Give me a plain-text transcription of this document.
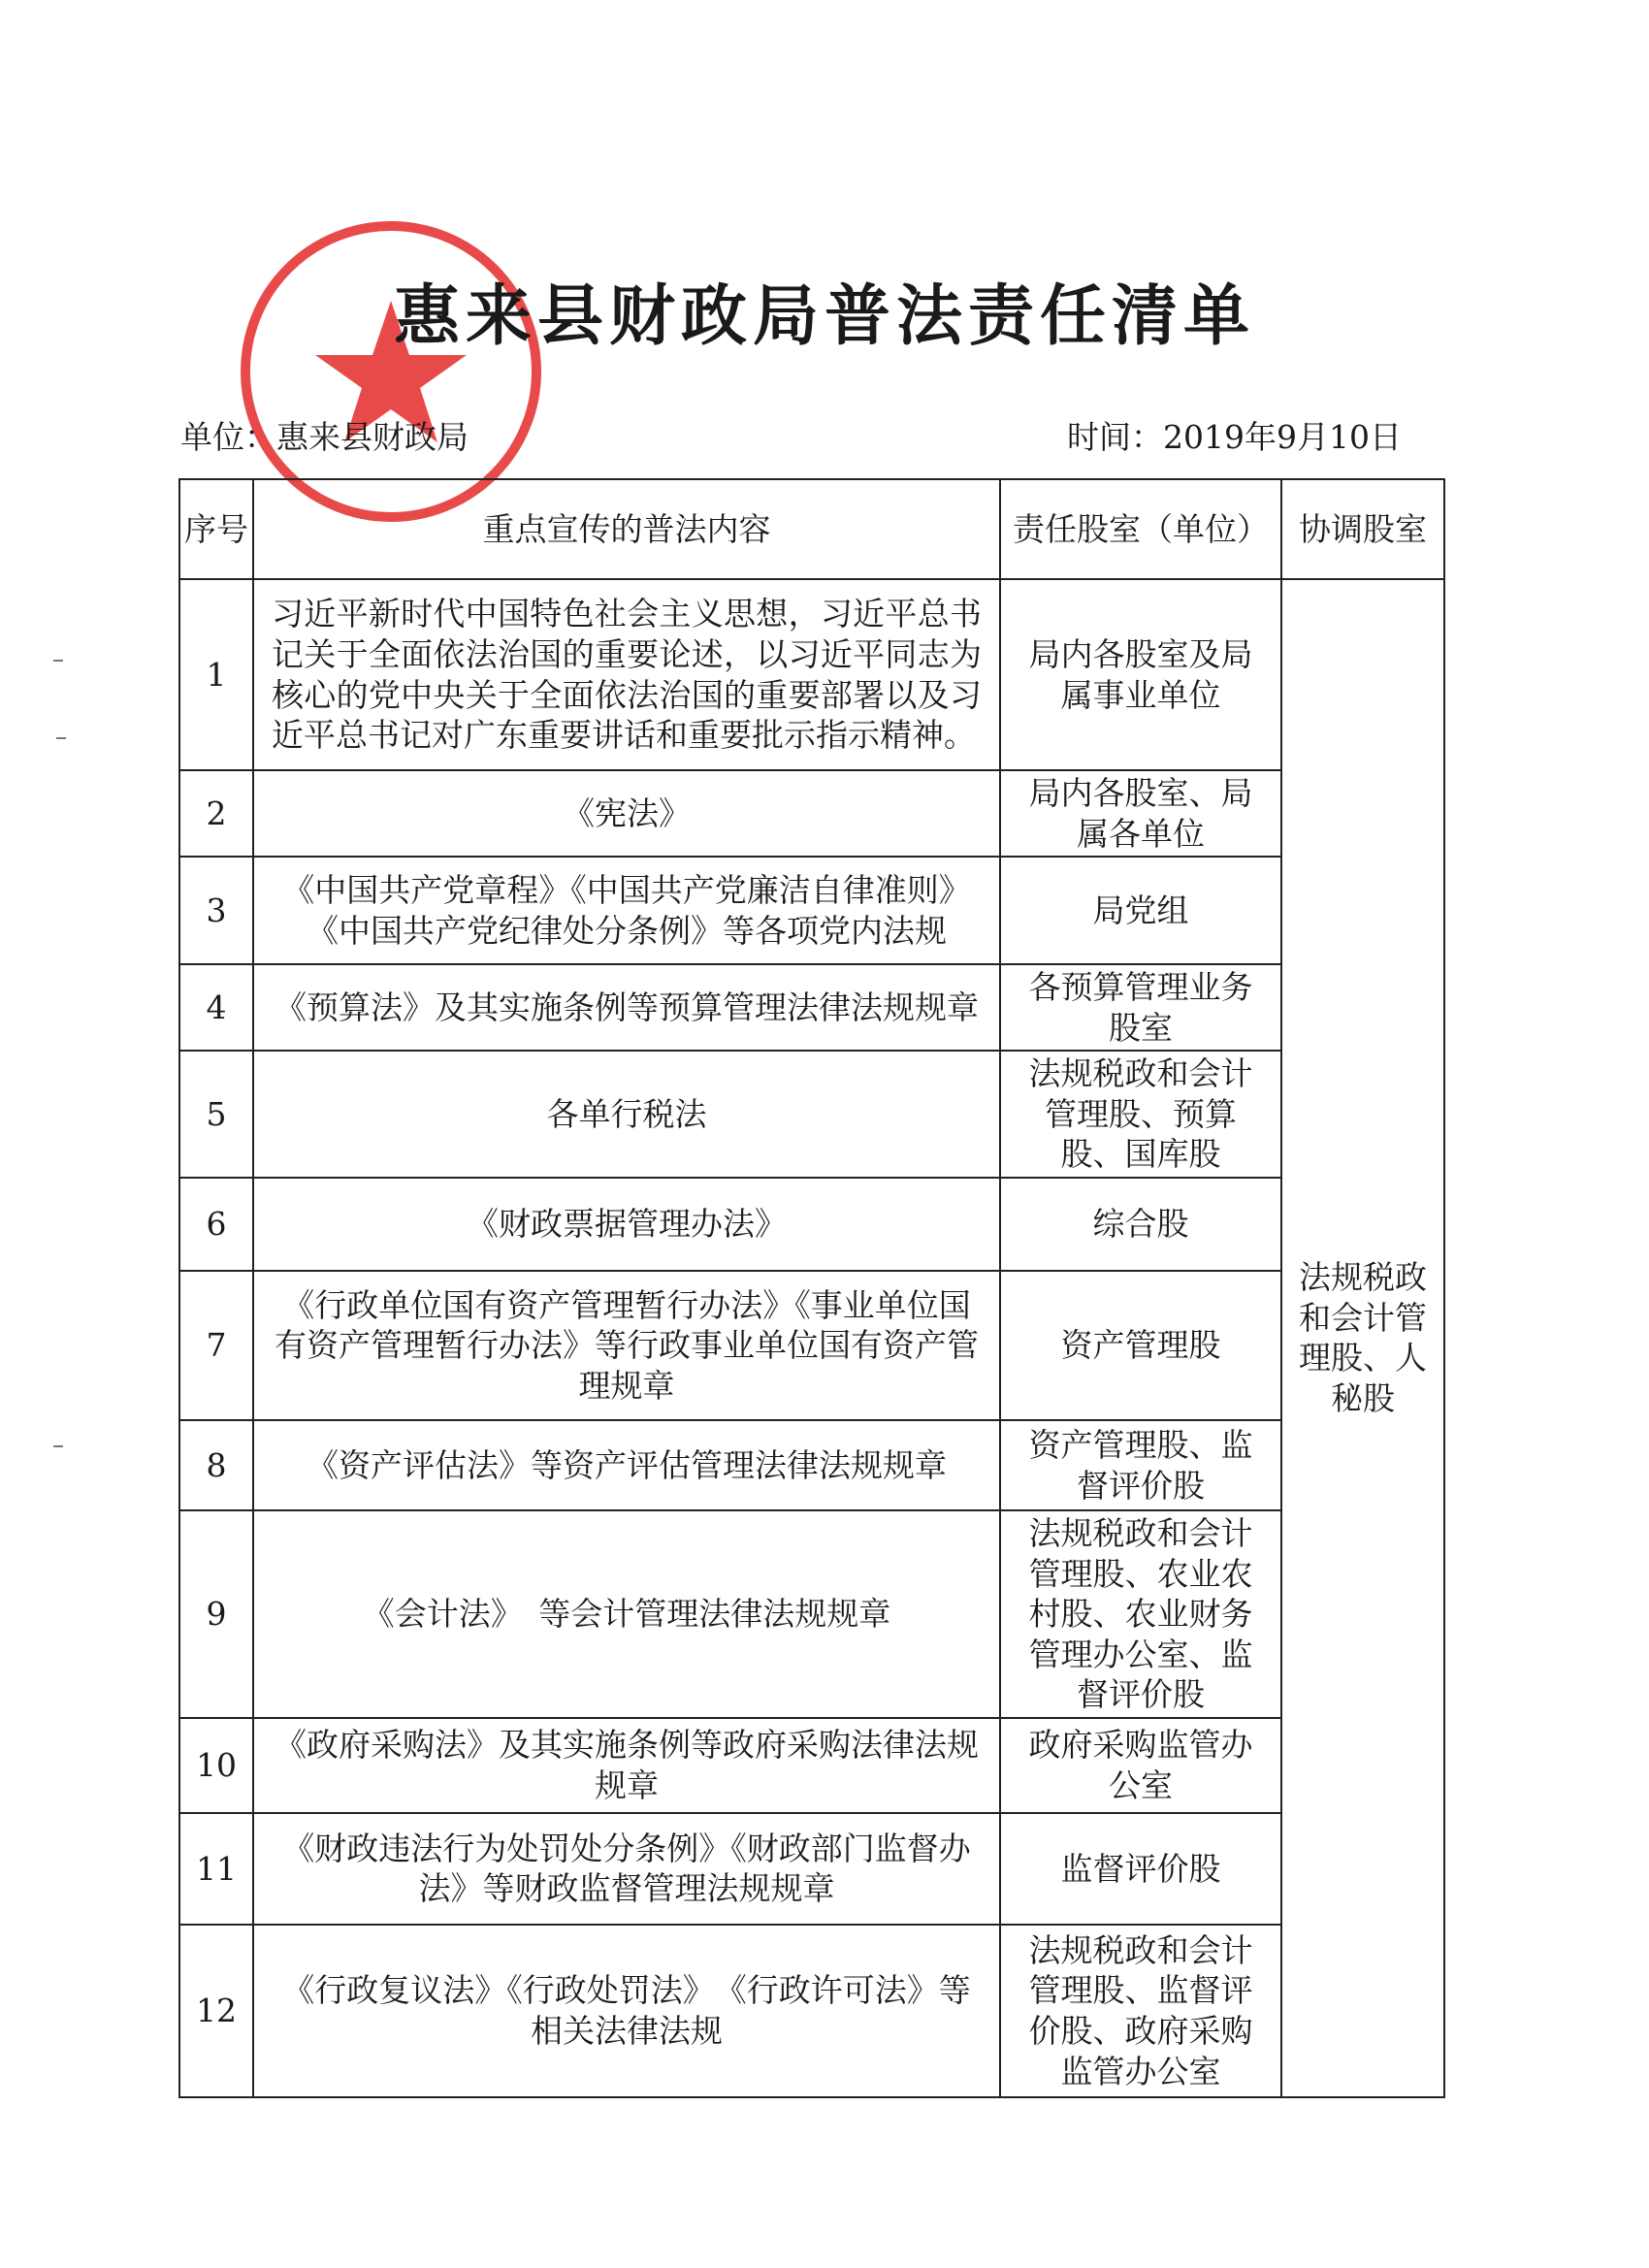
惠来县财政局普法责任清单
单位：惠来县财政局	时间：2019年9月10日
序号	重点宣传的普法内容	责任股室（单位）	协调股室
1	习近平新时代中国特色社会主义思想，习近平总书记关于全面依法治国的重要论述，以习近平同志为核心的党中央关于全面依法治国的重要部署以及习近平总书记对广东重要讲话和重要批示指示精神。	局内各股室及局属事业单位	法规税政和会计管理股、人秘股
2	《宪法》	局内各股室、局属各单位	
3	《中国共产党章程》《中国共产党廉洁自律准则》《中国共产党纪律处分条例》等各项党内法规	局党组	
4	《预算法》及其实施条例等预算管理法律法规规章	各预算管理业务股室	
5	各单行税法	法规税政和会计管理股、预算股、国库股	
6	《财政票据管理办法》	综合股	
7	《行政单位国有资产管理暂行办法》《事业单位国有资产管理暂行办法》等行政事业单位国有资产管理规章	资产管理股	
8	《资产评估法》等资产评估管理法律法规规章	资产管理股、监督评价股	
9	《会计法》　等会计管理法律法规规章	法规税政和会计管理股、农业农村股、农业财务管理办公室、监督评价股	
10	《政府采购法》及其实施条例等政府采购法律法规规章	政府采购监管办公室	
11	《财政违法行为处罚处分条例》《财政部门监督办法》等财政监督管理法规规章	监督评价股	
12	《行政复议法》《行政处罚法》　《行政许可法》等相关法律法规	法规税政和会计管理股、监督评价股、政府采购监管办公室	
